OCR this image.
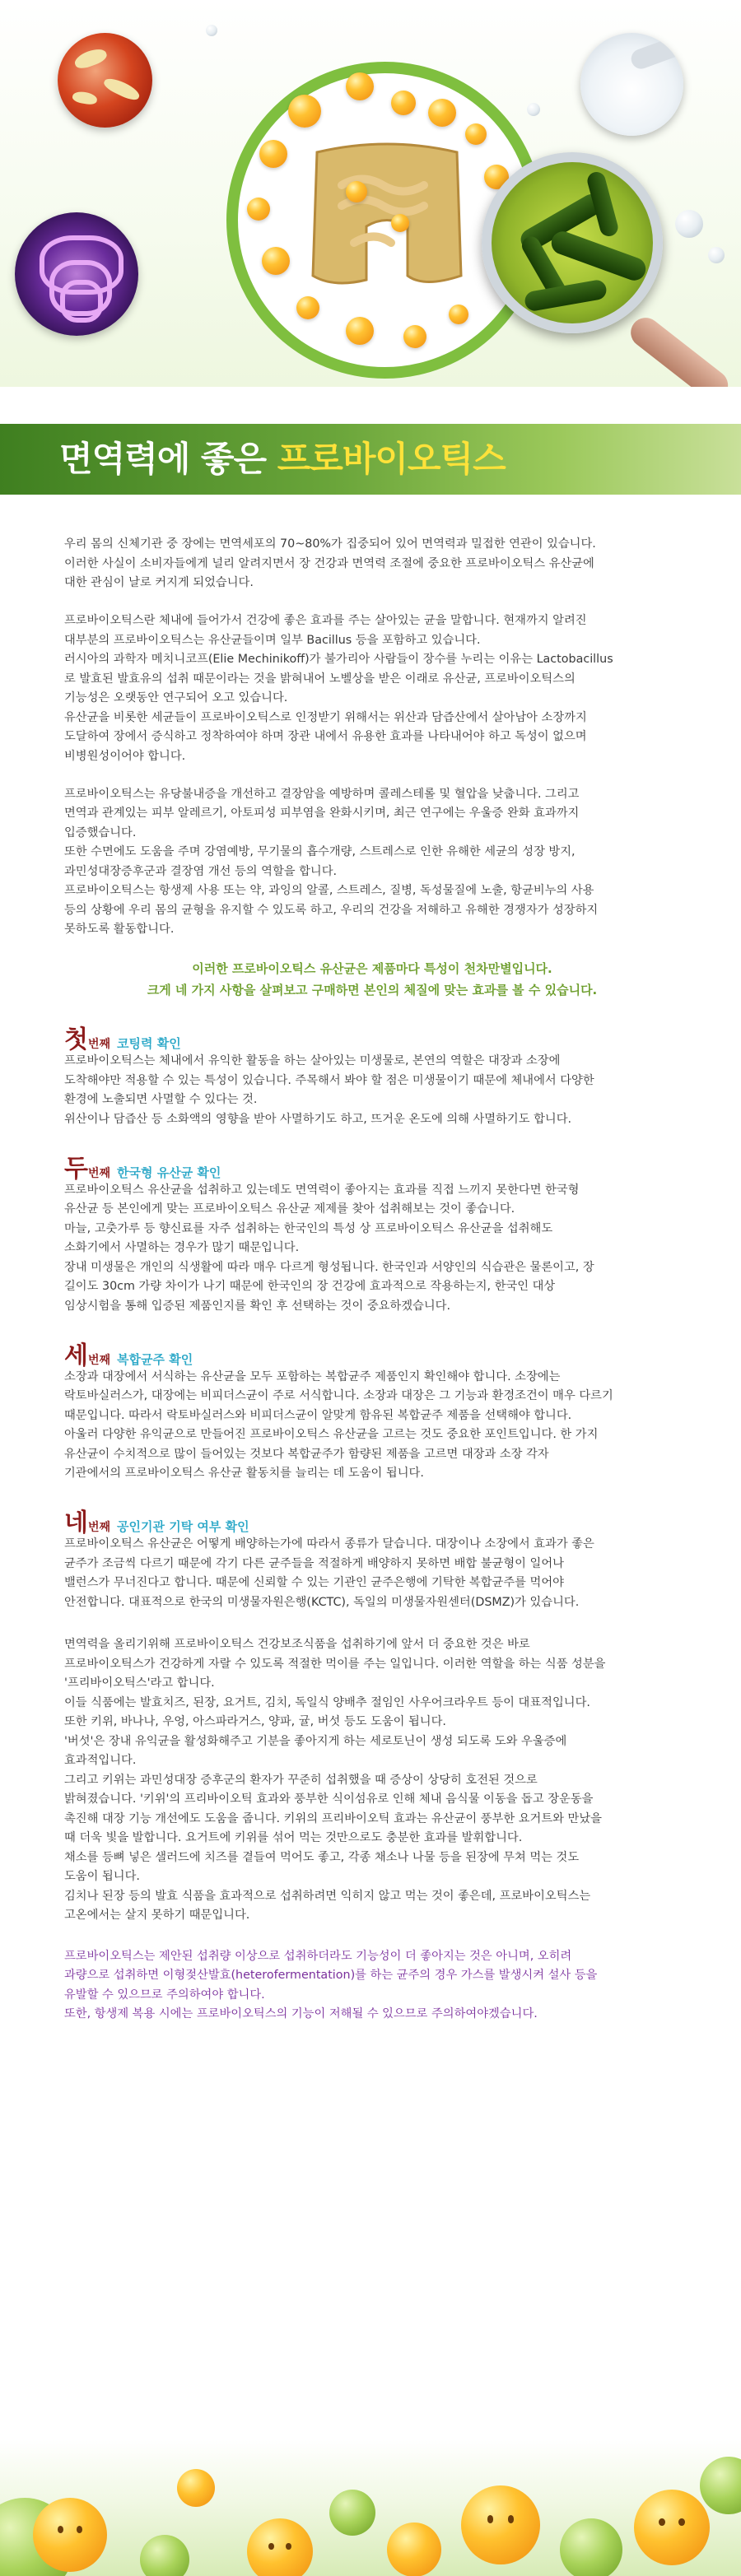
면역력에 좋은 프로바이오틱스

우리 몸의 신체기관 중 장에는 면역세포의 70~80%가 집중되어 있어 면역력과 밀접한 연관이 있습니다.
이러한 사실이 소비자들에게 널리 알려지면서 장 건강과 면역력 조절에 중요한 프로바이오틱스 유산균에
대한 관심이 날로 커지게 되었습니다.

프로바이오틱스란 체내에 들어가서 건강에 좋은 효과를 주는 살아있는 균을 말합니다. 현재까지 알려진
대부분의 프로바이오틱스는 유산균들이며 일부 Bacillus 등을 포함하고 있습니다.
러시아의 과학자 메치니코프(Elie Mechinikoff)가 불가리아 사람들이 장수를 누리는 이유는 Lactobacillus
로 발효된 발효유의 섭취 때문이라는 것을 밝혀내어 노벨상을 받은 이래로 유산균, 프로바이오틱스의
기능성은 오랫동안 연구되어 오고 있습니다.
유산균을 비롯한 세균들이 프로바이오틱스로 인정받기 위해서는 위산과 담즙산에서 살아남아 소장까지
도달하여 장에서 증식하고 정착하여야 하며 장관 내에서 유용한 효과를 나타내어야 하고 독성이 없으며
비병원성이어야 합니다.

프로바이오틱스는 유당불내증을 개선하고 결장암을 예방하며 콜레스테롤 및 혈압을 낮춥니다. 그리고
면역과 관계있는 피부 알레르기, 아토피성 피부염을 완화시키며, 최근 연구에는 우울증 완화 효과까지
입증했습니다.
또한 수면에도 도움을 주며 강염예방, 무기물의 흡수개량, 스트레스로 인한 유해한 세균의 성장 방지,
과민성대장증후군과 결장염 개선 등의 역할을 합니다.
프로바이오틱스는 항생제 사용 또는 약, 과잉의 알콜, 스트레스, 질병, 독성물질에 노출, 항균비누의 사용
등의 상황에 우리 몸의 균형을 유지할 수 있도록 하고, 우리의 건강을 저해하고 유해한 경쟁자가 성장하지
못하도록 활동합니다.

이러한 프로바이오틱스 유산균은 제품마다 특성이 천차만별입니다.
크게 네 가지 사항을 살펴보고 구매하면 본인의 체질에 맞는 효과를 볼 수 있습니다.
첫번째 코팅력 확인

프로바이오틱스는 체내에서 유익한 활동을 하는 살아있는 미생물로, 본연의 역할은 대장과 소장에
도착해야만 적용할 수 있는 특성이 있습니다. 주목해서 봐야 할 점은 미생물이기 때문에 체내에서 다양한
환경에 노출되면 사멸할 수 있다는 것.
위산이나 담즙산 등 소화액의 영향을 받아 사멸하기도 하고, 뜨거운 온도에 의해 사멸하기도 합니다.

두번째 한국형 유산균 확인

프로바이오틱스 유산균을 섭취하고 있는데도 면역력이 좋아지는 효과를 직접 느끼지 못한다면 한국형
유산균 등 본인에게 맞는 프로바이오틱스 유산균 제제를 찾아 섭취해보는 것이 좋습니다.
마늘, 고춧가루 등 향신료를 자주 섭취하는 한국인의 특성 상 프로바이오틱스 유산균을 섭취해도
소화기에서 사멸하는 경우가 많기 때문입니다.
장내 미생물은 개인의 식생활에 따라 매우 다르게 형성됩니다. 한국인과 서양인의 식습관은 물론이고, 장
길이도 30cm 가량 차이가 나기 때문에 한국인의 장 건강에 효과적으로 작용하는지, 한국인 대상
임상시험을 통해 입증된 제품인지를 확인 후 선택하는 것이 중요하겠습니다.

세번째 복합균주 확인

소장과 대장에서 서식하는 유산균을 모두 포함하는 복합균주 제품인지 확인해야 합니다. 소장에는
락토바실러스가, 대장에는 비피더스균이 주로 서식합니다. 소장과 대장은 그 기능과 환경조건이 매우 다르기
때문입니다. 따라서 락토바실러스와 비피더스균이 알맞게 함유된 복합균주 제품을 선택해야 합니다.
아울러 다양한 유익균으로 만들어진 프로바이오틱스 유산균을 고르는 것도 중요한 포인트입니다. 한 가지
유산균이 수치적으로 많이 들어있는 것보다 복합균주가 함량된 제품을 고르면 대장과 소장 각자
기관에서의 프로바이오틱스 유산균 활동치를 늘리는 데 도움이 됩니다.

네번째 공인기관 기탁 여부 확인

프로바이오틱스 유산균은 어떻게 배양하는가에 따라서 종류가 달습니다. 대장이나 소장에서 효과가 좋은
균주가 조금씩 다르기 때문에 각기 다른 균주들을 적절하게 배양하지 못하면 배합 불균형이 일어나
밸런스가 무너진다고 합니다. 때문에 신뢰할 수 있는 기관인 균주은행에 기탁한 복합균주를 먹어야
안전합니다. 대표적으로 한국의 미생물자원은행(KCTC), 독일의 미생물자원센터(DSMZ)가 있습니다.

면역력을 올리기위해 프로바이오틱스 건강보조식품을 섭취하기에 앞서 더 중요한 것은 바로
프로바이오틱스가 건강하게 자랄 수 있도록 적절한 먹이를 주는 일입니다. 이러한 역할을 하는 식품 성분을
'프리바이오틱스'라고 합니다.
이들 식품에는 발효치즈, 된장, 요거트, 김치, 독일식 양배추 절임인 사우어크라우트 등이 대표적입니다.
또한 키위, 바나나, 우엉, 아스파라거스, 양파, 귤, 버섯 등도 도움이 됩니다.
'버섯'은 장내 유익균을 활성화해주고 기분을 좋아지게 하는 세로토닌이 생성 되도록 도와 우울증에
효과적입니다.
그리고 키위는 과민성대장 증후군의 환자가 꾸준히 섭취했을 때 증상이 상당히 호전된 것으로
밝혀졌습니다. '키위'의 프리바이오틱 효과와 풍부한 식이섬유로 인해 체내 음식물 이동을 돕고 장운동을
촉진해 대장 기능 개선에도 도움을 줍니다. 키위의 프리바이오틱 효과는 유산균이 풍부한 요거트와 만났을
때 더욱 빛을 발합니다. 요거트에 키위를 섞어 먹는 것만으로도 충분한 효과를 발휘합니다.
채소를 등뼈 넣은 샐러드에 치즈를 곁들여 먹어도 좋고, 각종 채소나 나물 등을 된장에 무쳐 먹는 것도
도움이 됩니다.
김치나 된장 등의 발효 식품을 효과적으로 섭취하려면 익히지 않고 먹는 것이 좋은데, 프로바이오틱스는
고온에서는 살지 못하기 때문입니다.

프로바이오틱스는 제안된 섭취량 이상으로 섭취하더라도 기능성이 더 좋아지는 것은 아니며, 오히려
과량으로 섭취하면 이형젖산발효(heterofermentation)를 하는 균주의 경우 가스를 발생시켜 설사 등을
유발할 수 있으므로 주의하여야 합니다.
또한, 항생제 복용 시에는 프로바이오틱스의 기능이 저해될 수 있으므로 주의하여야겠습니다.
